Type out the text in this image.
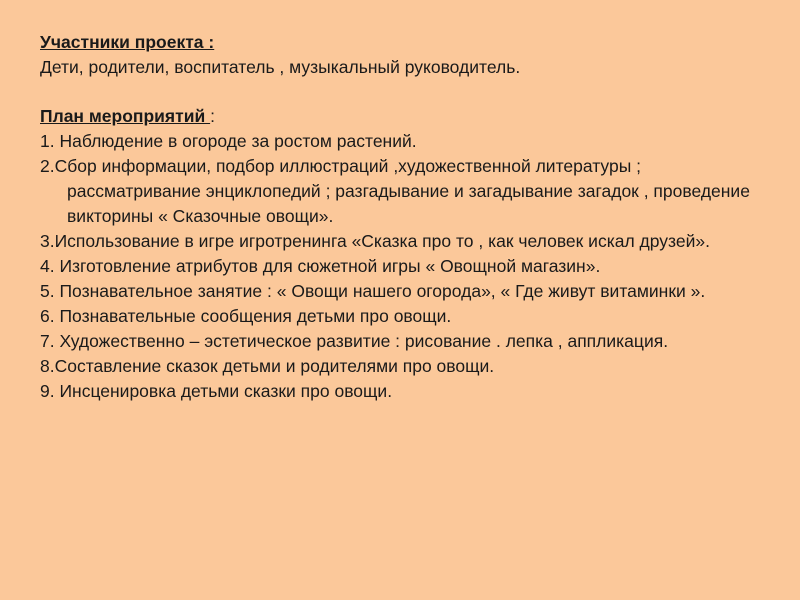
Участники проекта :

Дети, родители, воспитатель , музыкальный руководитель.

План мероприятий :

1. Наблюдение в огороде за ростом растений.

2.Сбор информации, подбор иллюстраций ,художественной литературы ; рассматривание энциклопедий ; разгадывание и загадывание загадок , проведение викторины « Сказочные овощи».

3.Использование в игре игротренинга «Сказка про то , как человек искал друзей».

4. Изготовление атрибутов для сюжетной игры « Овощной магазин».

5. Познавательное занятие : « Овощи нашего огорода», « Где живут витаминки ».

6. Познавательные сообщения детьми про овощи.

7. Художественно – эстетическое развитие : рисование . лепка , аппликация.

8.Составление сказок детьми и родителями про овощи.

9. Инсценировка детьми сказки про овощи.
